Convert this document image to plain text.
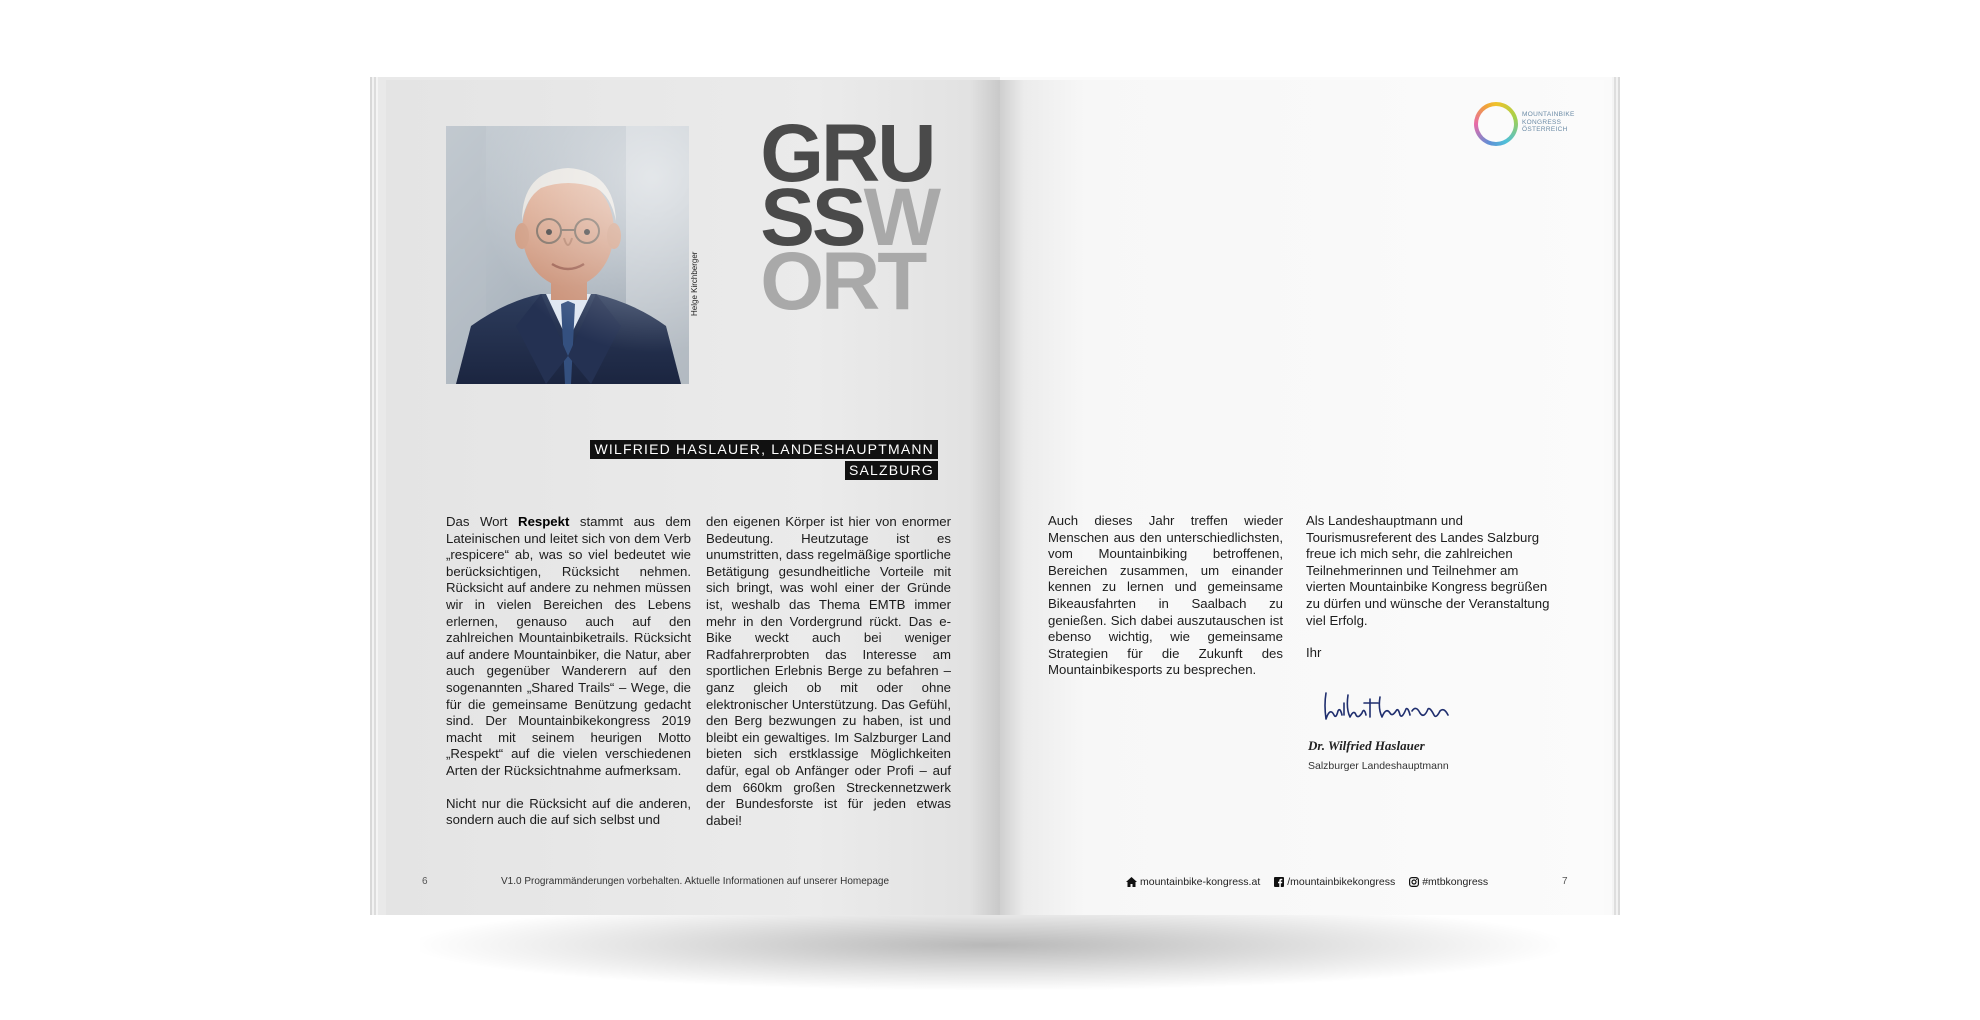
Helge Kirchberger
GRU
SSW
ORT
WILFRIED HASLAUER, LANDESHAUPTMANN
SALZBURG

Das Wort Respekt stammt aus dem Lateinischen und leitet sich von dem Verb „respicere“ ab, was so viel bedeutet wie berücksichtigen, Rücksicht nehmen. Rücksicht auf andere zu nehmen müssen wir in vielen Bereichen des Lebens erlernen, genauso auch auf den zahlreichen Mountainbiketrails. Rücksicht auf andere Mountainbiker, die Natur, aber auch gegenüber Wanderern auf den sogenannten „Shared Trails“ – Wege, die für die gemeinsame Benützung gedacht sind. Der Mountainbikekongress 2019 macht mit seinem heurigen Motto „Respekt“ auf die vielen verschiedenen Arten der Rücksichtnahme aufmerksam.

Nicht nur die Rücksicht auf die anderen, sondern auch die auf sich selbst und

den eigenen Körper ist hier von enormer Bedeutung. Heutzutage ist es unumstritten, dass regelmäßige sportliche Betätigung gesundheitliche Vorteile mit sich bringt, was wohl einer der Gründe ist, weshalb das Thema EMTB immer mehr in den Vordergrund rückt. Das e-Bike weckt auch bei weniger Radfahrerprobten das Interesse am sportlichen Erlebnis Berge zu befahren – ganz gleich ob mit oder ohne elektronischer Unterstützung. Das Gefühl, den Berg bezwungen zu haben, ist und bleibt ein gewaltiges. Im Salzburger Land bieten sich erstklassige Möglichkeiten dafür, egal ob Anfänger oder Profi – auf dem 660km großen Streckennetzwerk der Bundesforste ist für jeden etwas dabei!

6	V1.0 Programmänderungen vorbehalten. Aktuelle Informationen auf unserer Homepage
MOUNTAINBIKE
KONGRESS
ÖSTERREICH

Auch dieses Jahr treffen wieder Menschen aus den unterschiedlichsten, vom Mountainbiking betroffenen, Bereichen zusammen, um einander kennen zu lernen und gemeinsame Bikeausfahrten in Saalbach zu genießen. Sich dabei auszutauschen ist ebenso wichtig, wie gemeinsame Strategien für die Zukunft des Mountainbikesports zu besprechen.

Als Landeshauptmann und Tourismusreferent des Landes Salzburg freue ich mich sehr, die zahlreichen Teilnehmerinnen und Teilnehmer am vierten Mountainbike Kongress begrüßen zu dürfen und wünsche der Veranstaltung viel Erfolg.

Ihr

Dr. Wilfried Haslauer
Salzburger Landeshauptmann
mountainbike-kongress.at	/mountainbikekongress	#mtbkongress	7
